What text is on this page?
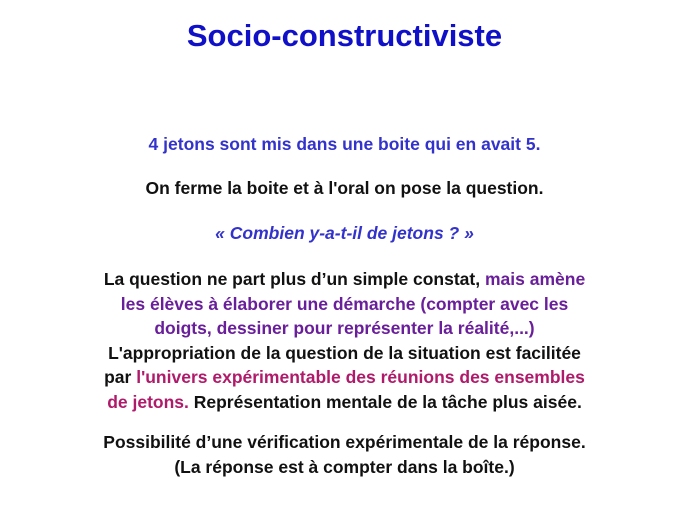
Socio-constructiviste
4 jetons sont mis dans une boite qui en avait 5.
On ferme la boite et à l'oral on pose la question.
« Combien y-a-t-il de jetons ? »
La question ne part plus d’un simple constat, mais amène
les élèves à élaborer une démarche (compter avec les
doigts, dessiner pour représenter la réalité,...)
L'appropriation de la question de la situation est facilitée
par l'univers expérimentable des réunions des ensembles
de jetons. Représentation mentale de la tâche plus aisée.
Possibilité d’une vérification expérimentale de la réponse.
(La réponse est à compter dans la boîte.)
